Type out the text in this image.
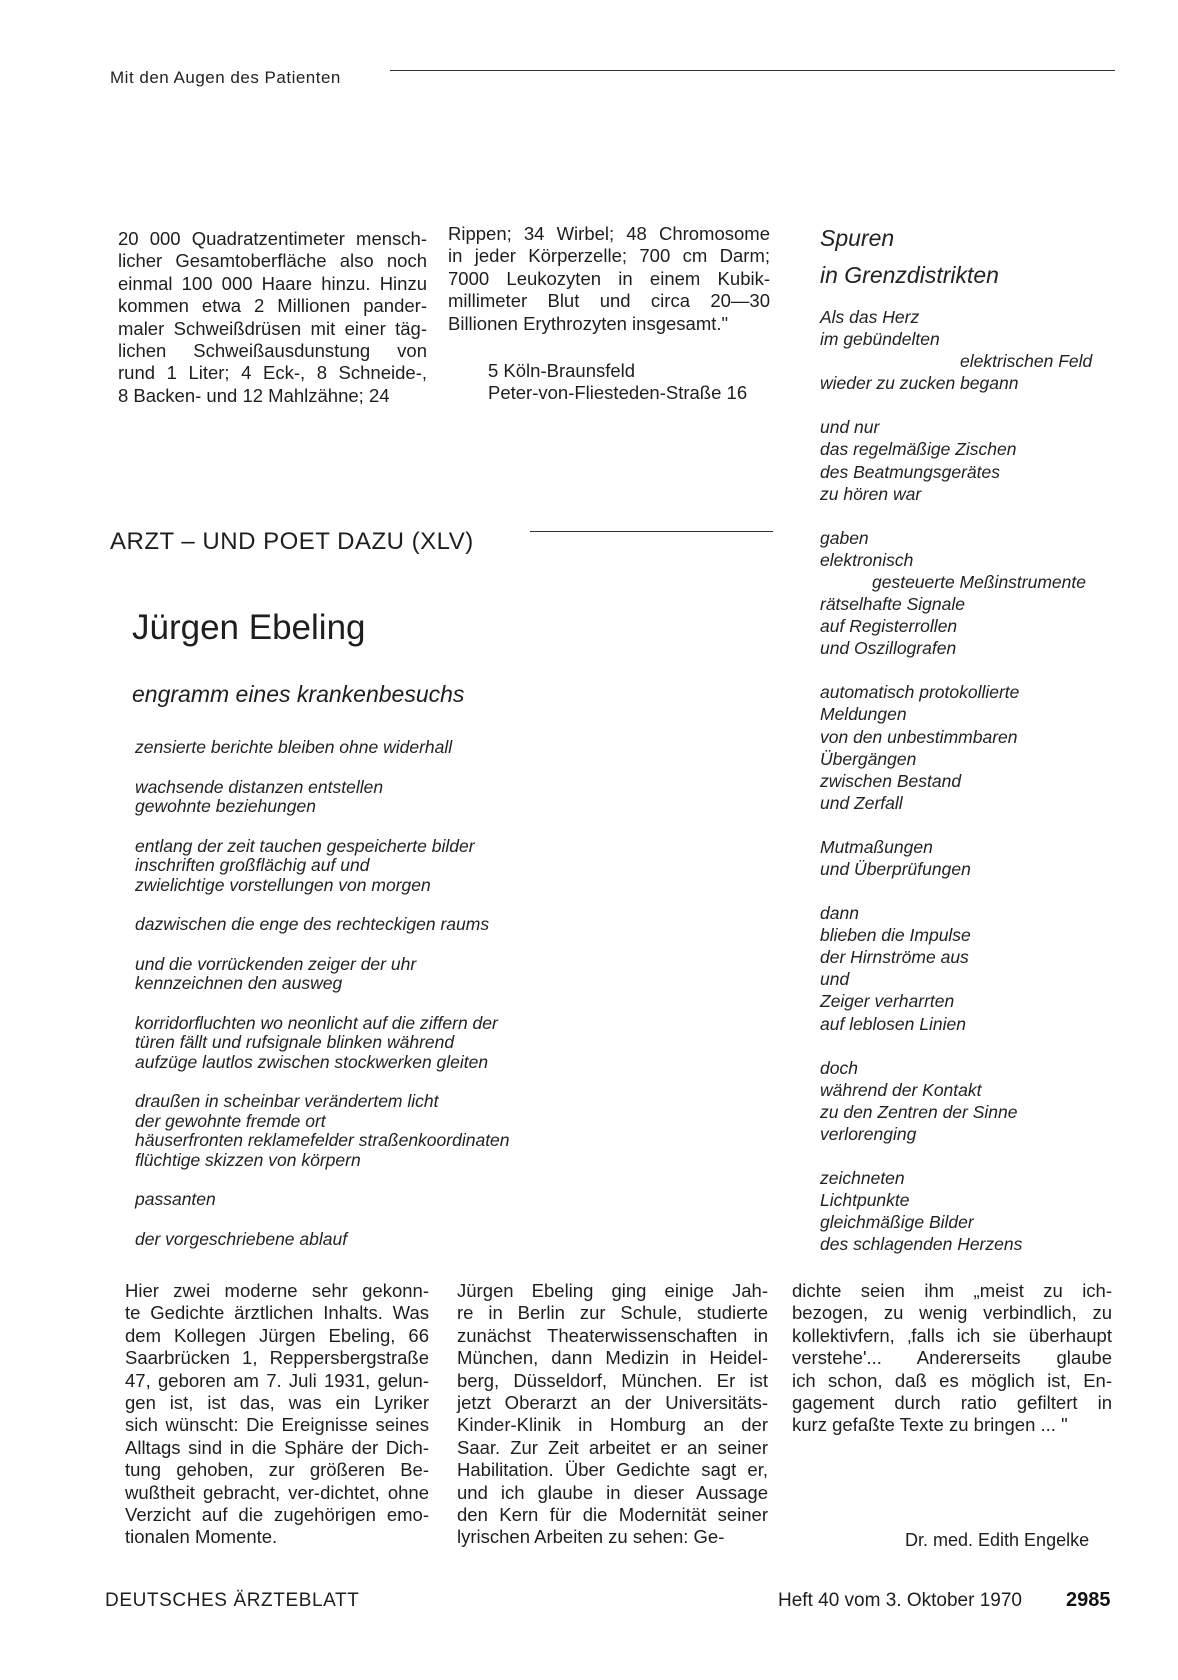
Mit den Augen des Patienten
20 000 Quadratzentimeter mensch-
licher Gesamtoberfläche also noch
einmal 100 000 Haare hinzu. Hinzu
kommen etwa 2 Millionen pander-
maler Schweißdrüsen mit einer täg-
lichen Schweißausdunstung von
rund 1 Liter; 4 Eck-, 8 Schneide-,
8 Backen- und 12 Mahlzähne; 24
Rippen; 34 Wirbel; 48 Chromosome
in jeder Körperzelle; 700 cm Darm;
7000 Leukozyten in einem Kubik-
millimeter Blut und circa 20—30
Billionen Erythrozyten insgesamt."
5 Köln-Braunsfeld
Peter-von-Fliesteden-Straße 16
ARZT – UND POET DAZU (XLV)
Jürgen Ebeling
engramm eines krankenbesuchs
zensierte berichte bleiben ohne widerhall
wachsende distanzen entstellen
gewohnte beziehungen
entlang der zeit tauchen gespeicherte bilder
inschriften großflächig auf und
zwielichtige vorstellungen von morgen
dazwischen die enge des rechteckigen raums
und die vorrückenden zeiger der uhr
kennzeichnen den ausweg
korridorfluchten wo neonlicht auf die ziffern der
türen fällt und rufsignale blinken während
aufzüge lautlos zwischen stockwerken gleiten
draußen in scheinbar verändertem licht
der gewohnte fremde ort
häuserfronten reklamefelder straßenkoordinaten
flüchtige skizzen von körpern
passanten
der vorgeschriebene ablauf
Spuren
in Grenzdistrikten
Als das Herz
im gebündelten
elektrischen Feld
wieder zu zucken begann
und nur
das regelmäßige Zischen
des Beatmungsgerätes
zu hören war
gaben
elektronisch
gesteuerte Meßinstrumente
rätselhafte Signale
auf Registerrollen
und Oszillografen
automatisch protokollierte
Meldungen
von den unbestimmbaren
Übergängen
zwischen Bestand
und Zerfall
Mutmaßungen
und Überprüfungen
dann
blieben die Impulse
der Hirnströme aus
und
Zeiger verharrten
auf leblosen Linien
doch
während der Kontakt
zu den Zentren der Sinne
verlorenging
zeichneten
Lichtpunkte
gleichmäßige Bilder
des schlagenden Herzens
Hier zwei moderne sehr gekonn-
te Gedichte ärztlichen Inhalts. Was
dem Kollegen Jürgen Ebeling, 66
Saarbrücken 1, Reppersbergstraße
47, geboren am 7. Juli 1931, gelun-
gen ist, ist das, was ein Lyriker
sich wünscht: Die Ereignisse seines
Alltags sind in die Sphäre der Dich-
tung gehoben, zur größeren Be-
wußtheit gebracht, ver-dichtet, ohne
Verzicht auf die zugehörigen emo-
tionalen Momente.
Jürgen Ebeling ging einige Jah-
re in Berlin zur Schule, studierte
zunächst Theaterwissenschaften in
München, dann Medizin in Heidel-
berg, Düsseldorf, München. Er ist
jetzt Oberarzt an der Universitäts-
Kinder-Klinik in Homburg an der
Saar. Zur Zeit arbeitet er an seiner
Habilitation. Über Gedichte sagt er,
und ich glaube in dieser Aussage
den Kern für die Modernität seiner
lyrischen Arbeiten zu sehen: Ge-
dichte seien ihm „meist zu ich-
bezogen, zu wenig verbindlich, zu
kollektivfern, ‚falls ich sie überhaupt
verstehe'... Andererseits glaube
ich schon, daß es möglich ist, En-
gagement durch ratio gefiltert in
kurz gefaßte Texte zu bringen ... "
Dr. med. Edith Engelke
DEUTSCHES ÄRZTEBLATT	Heft 40 vom 3. Oktober 1970 2985
